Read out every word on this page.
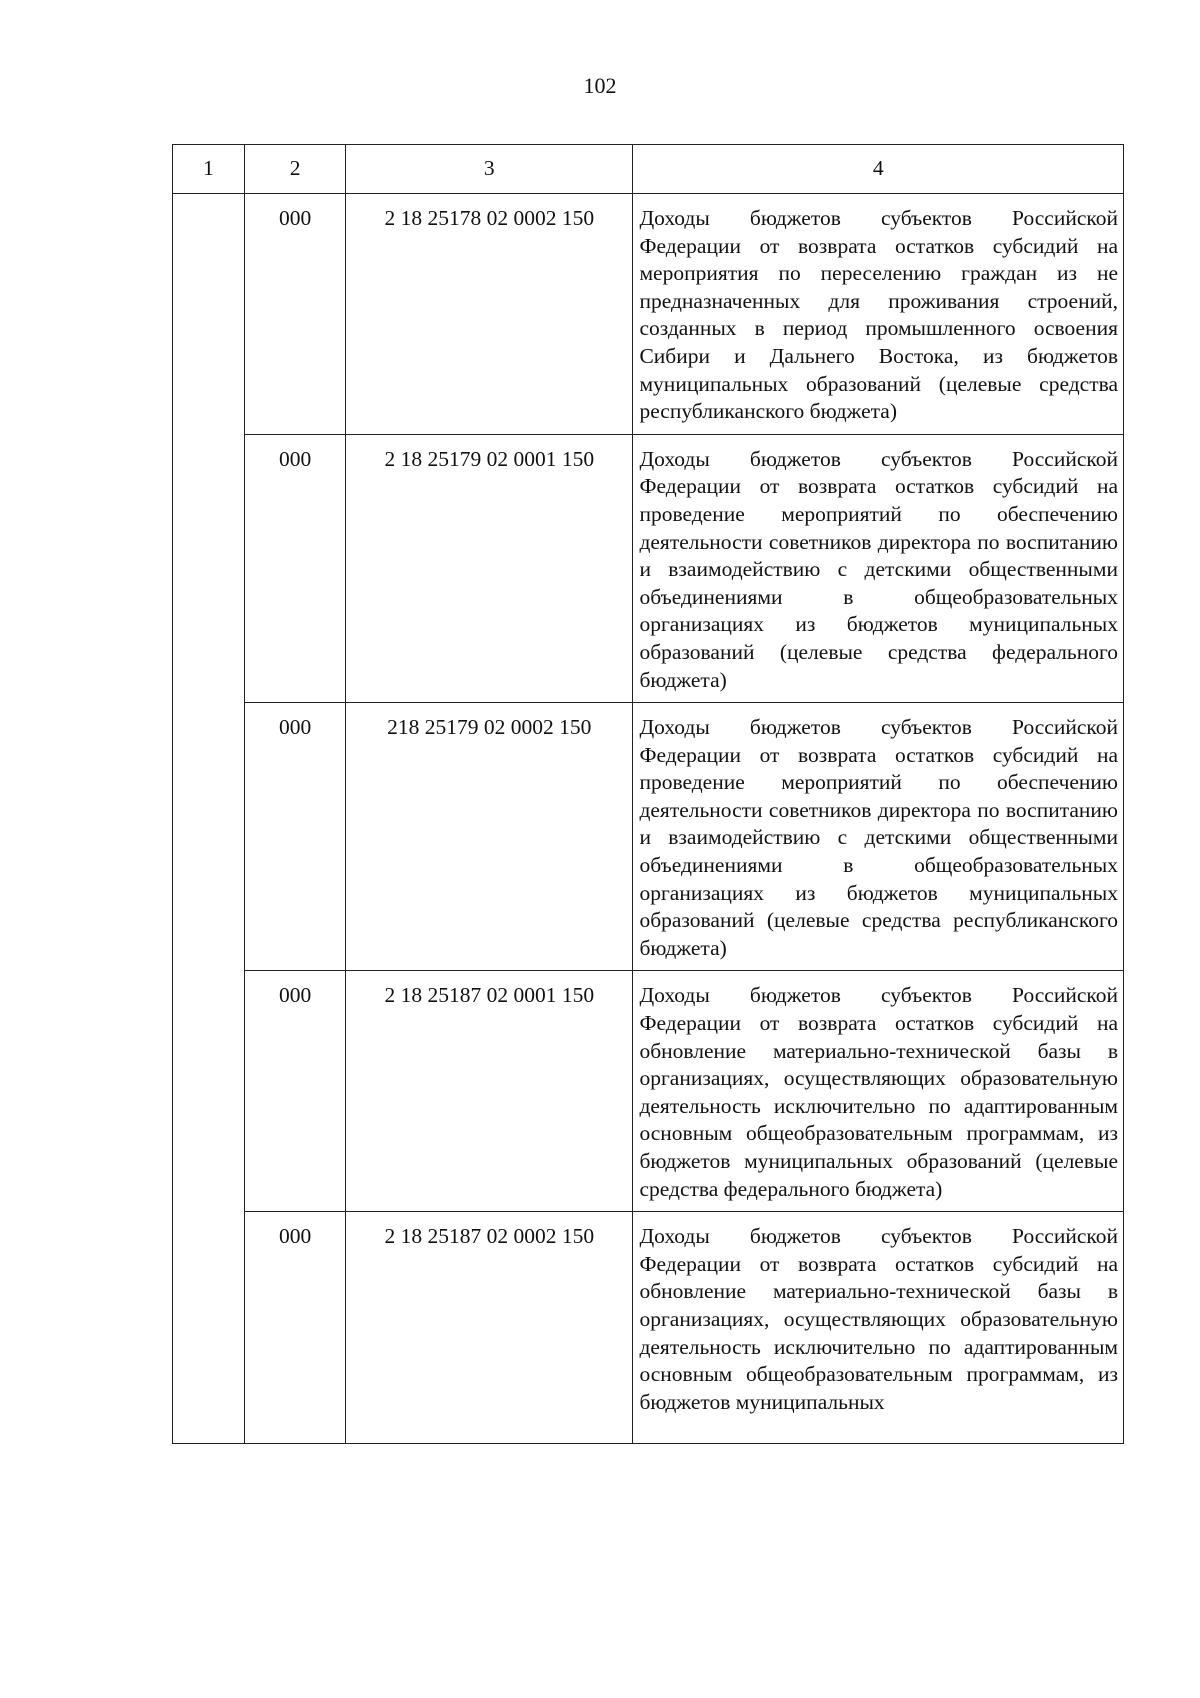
102
1	2	3	4
	000	2 18 25178 02 0002 150	Доходы бюджетов субъектов Российской Федерации от возврата остатков субсидий на мероприятия по переселению граждан из не предназначенных для проживания строений, созданных в период промышленного освоения Сибири и Дальнего Востока, из бюджетов муниципальных образований (целевые средства республиканского бюджета)
	000	2 18 25179 02 0001 150	Доходы бюджетов субъектов Российской Федерации от возврата остатков субсидий на проведение мероприятий по обеспечению деятельности советников директора по воспитанию и взаимодействию с детскими общественными объединениями в общеобразовательных организациях из бюджетов муниципальных образований (целевые средства федерального бюджета)
	000	218 25179 02 0002 150	Доходы бюджетов субъектов Российской Федерации от возврата остатков субсидий на проведение мероприятий по обеспечению деятельности советников директора по воспитанию и взаимодействию с детскими общественными объединениями в общеобразовательных организациях из бюджетов муниципальных образований (целевые средства республиканского бюджета)
	000	2 18 25187 02 0001 150	Доходы бюджетов субъектов Российской Федерации от возврата остатков субсидий на обновление материально-технической базы в организациях, осуществляющих образовательную деятельность исключительно по адаптированным основным общеобразовательным программам, из бюджетов муниципальных образований (целевые средства федерального бюджета)
	000	2 18 25187 02 0002 150	Доходы бюджетов субъектов Российской Федерации от возврата остатков субсидий на обновление материально-технической базы в организациях, осуществляющих образовательную деятельность исключительно по адаптированным основным общеобразовательным программам, из бюджетов муниципальных
